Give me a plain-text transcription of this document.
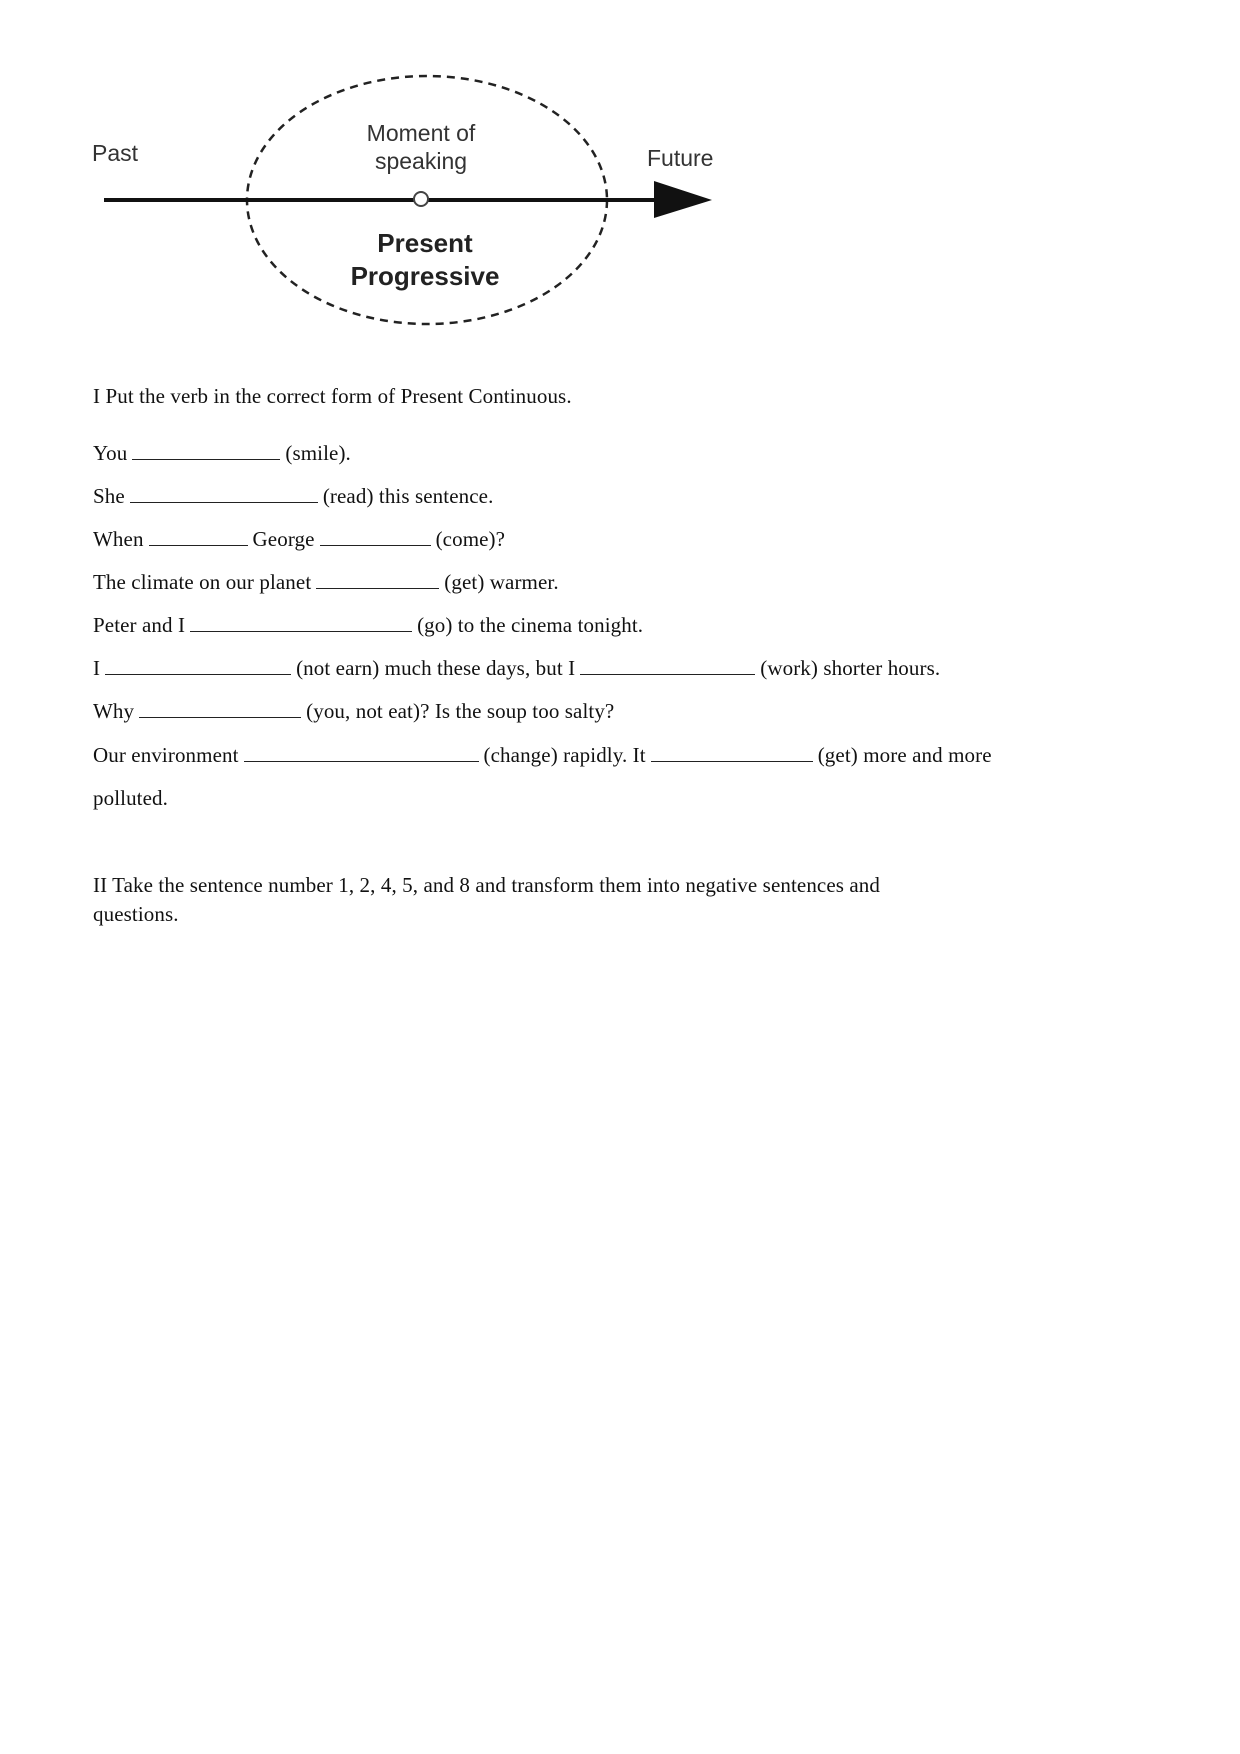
Past	Future
Moment of
speaking
Present
Progressive
I Put the verb in the correct form of Present Continuous.
You	(smile).
She	(read) this sentence.
When	George	(come)?
The climate on our planet	(get) warmer.
Peter and I	(go) to the cinema tonight.
I	(not earn) much these days, but I	(work) shorter hours.
Why	(you, not eat)? Is the soup too salty?
Our environment	(change) rapidly. It	(get) more and more
polluted.
II Take the sentence number 1, 2, 4, 5, and 8 and transform them into negative sentences and
questions.
